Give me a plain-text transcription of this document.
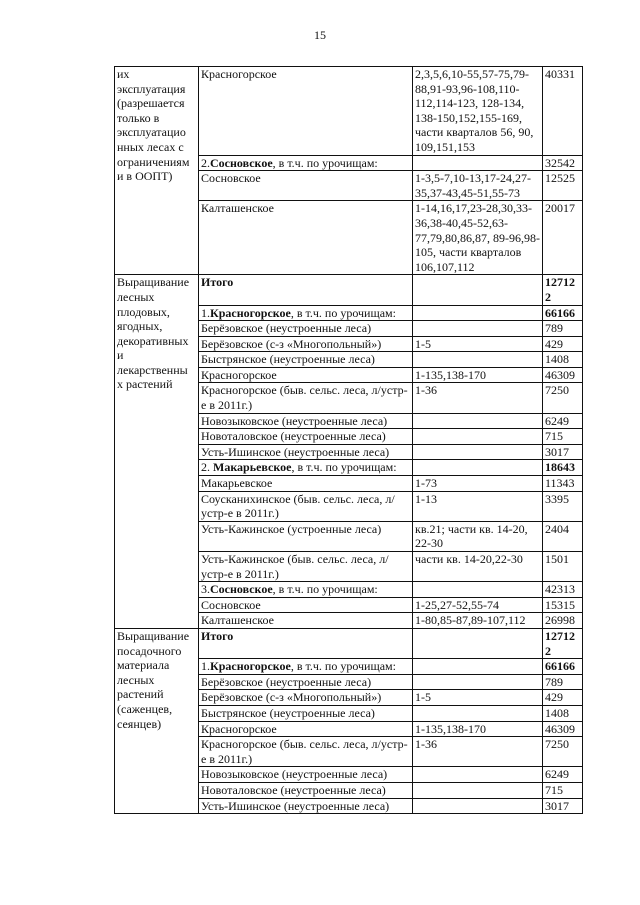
15
их эксплуатация (разрешается только в эксплуатацио нных лесах с ограничениям и в ООПТ)	Красногорское	2,3,5,6,10-55,57-75,79-88,91-93,96-108,110-112,114-123, 128-134, 138-150,152,155-169, части кварталов 56, 90, 109,151,153	40331
	2.Сосновское, в т.ч. по урочищам:		32542
	Сосновское	1-3,5-7,10-13,17-24,27-35,37-43,45-51,55-73	12525
	Калташенское	1-14,16,17,23-28,30,33-36,38-40,45-52,63-77,79,80,86,87, 89-96,98-105, части кварталов 106,107,112	20017
Выращивание лесных плодовых, ягодных, декоративных и лекарственны х растений	Итого		127122
	1.Красногорское, в т.ч. по урочищам:		66166
	Берёзовское (неустроенные леса)		789
	Берёзовское (с-з «Многопольный»)	1-5	429
	Быстрянское (неустроенные леса)		1408
	Красногорское	1-135,138-170	46309
	Красногорское (быв. сельс. леса, л/устр-е в 2011г.)	1-36	7250
	Новозыковское (неустроенные леса)		6249
	Новоталовское (неустроенные леса)		715
	Усть-Ишинское (неустроенные леса)		3017
	2. Макарьевское, в т.ч. по урочищам:		18643
	Макарьевское	1-73	11343
	Соусканихинское (быв. сельс. леса, л/устр-е в 2011г.)	1-13	3395
	Усть-Кажинское (устроенные леса)	кв.21; части кв. 14-20, 22-30	2404
	Усть-Кажинское (быв. сельс. леса, л/устр-е в 2011г.)	части кв. 14-20,22-30	1501
	3.Сосновское, в т.ч. по урочищам:		42313
	Сосновское	1-25,27-52,55-74	15315
	Калташенское	1-80,85-87,89-107,112	26998
Выращивание посадочного материала лесных растений (саженцев, сеянцев)	Итого		127122
	1.Красногорское, в т.ч. по урочищам:		66166
	Берёзовское (неустроенные леса)		789
	Берёзовское (с-з «Многопольный»)	1-5	429
	Быстрянское (неустроенные леса)		1408
	Красногорское	1-135,138-170	46309
	Красногорское (быв. сельс. леса, л/устр-е в 2011г.)	1-36	7250
	Новозыковское (неустроенные леса)		6249
	Новоталовское (неустроенные леса)		715
	Усть-Ишинское (неустроенные леса)		3017
